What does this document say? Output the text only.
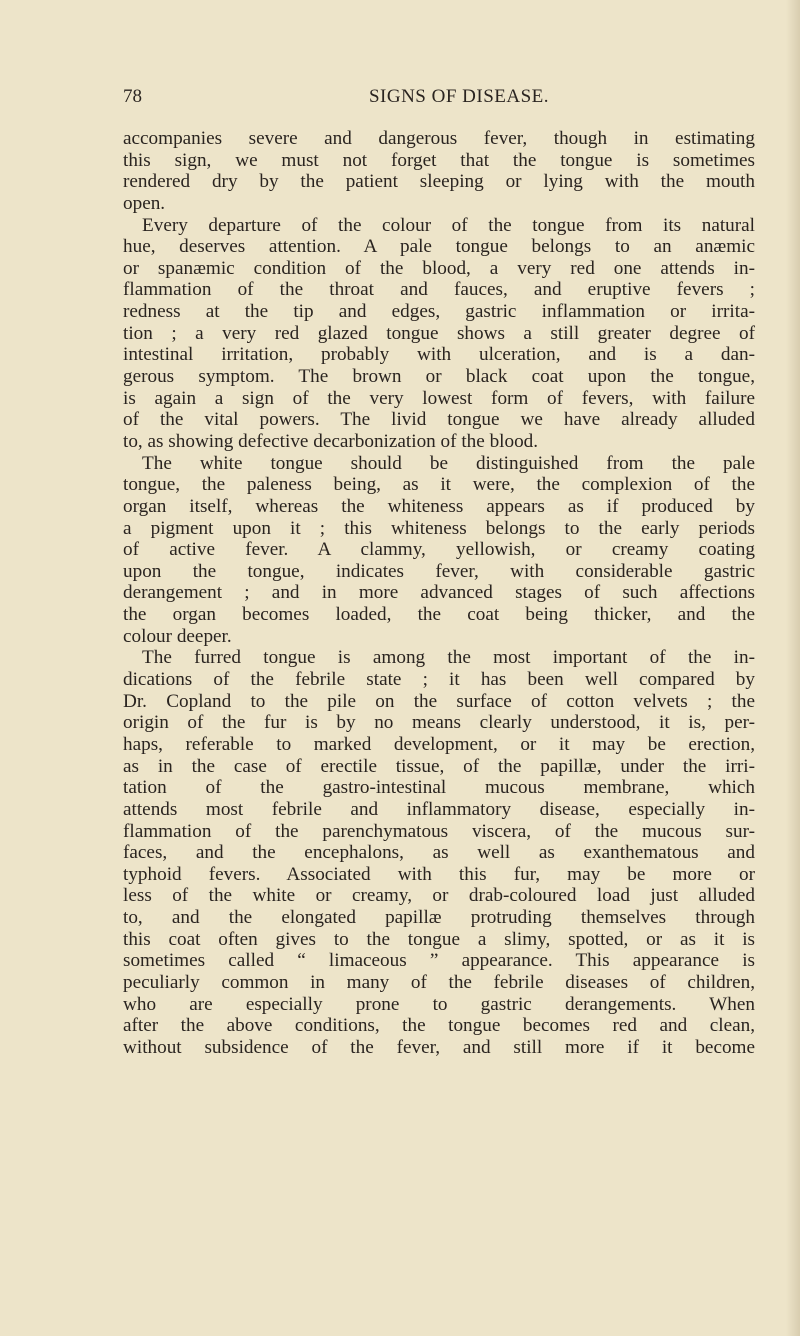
78	SIGNS OF DISEASE.
accompanies severe and dangerous fever, though in estimating
this sign, we must not forget that the tongue is sometimes
rendered dry by the patient sleeping or lying with the mouth
open.
Every departure of the colour of the tongue from its natural
hue, deserves attention. A pale tongue belongs to an anæmic
or spanæmic condition of the blood, a very red one attends in-
flammation of the throat and fauces, and eruptive fevers ;
redness at the tip and edges, gastric inflammation or irrita-
tion ; a very red glazed tongue shows a still greater degree of
intestinal irritation, probably with ulceration, and is a dan-
gerous symptom. The brown or black coat upon the tongue,
is again a sign of the very lowest form of fevers, with failure
of the vital powers. The livid tongue we have already alluded
to, as showing defective decarbonization of the blood.
The white tongue should be distinguished from the pale
tongue, the paleness being, as it were, the complexion of the
organ itself, whereas the whiteness appears as if produced by
a pigment upon it ; this whiteness belongs to the early periods
of active fever. A clammy, yellowish, or creamy coating
upon the tongue, indicates fever, with considerable gastric
derangement ; and in more advanced stages of such affections
the organ becomes loaded, the coat being thicker, and the
colour deeper.
The furred tongue is among the most important of the in-
dications of the febrile state ; it has been well compared by
Dr. Copland to the pile on the surface of cotton velvets ; the
origin of the fur is by no means clearly understood, it is, per-
haps, referable to marked development, or it may be erection,
as in the case of erectile tissue, of the papillæ, under the irri-
tation of the gastro-intestinal mucous membrane, which
attends most febrile and inflammatory disease, especially in-
flammation of the parenchymatous viscera, of the mucous sur-
faces, and the encephalons, as well as exanthematous and
typhoid fevers. Associated with this fur, may be more or
less of the white or creamy, or drab-coloured load just alluded
to, and the elongated papillæ protruding themselves through
this coat often gives to the tongue a slimy, spotted, or as it is
sometimes called “ limaceous ” appearance. This appearance is
peculiarly common in many of the febrile diseases of children,
who are especially prone to gastric derangements. When
after the above conditions, the tongue becomes red and clean,
without subsidence of the fever, and still more if it become
